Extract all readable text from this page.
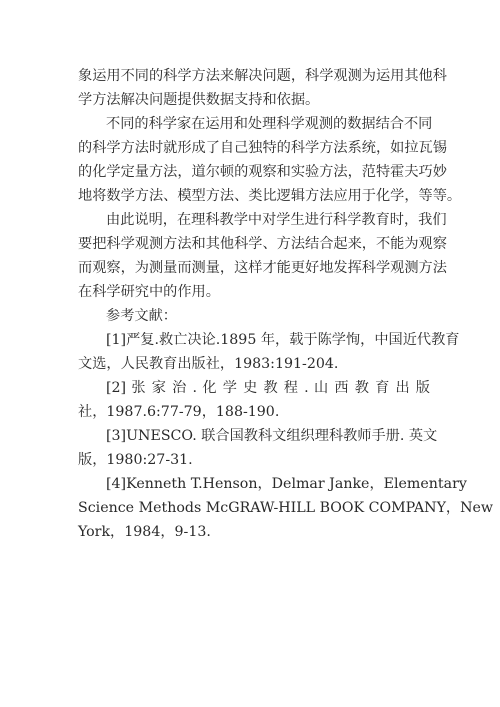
象运用不同的科学方法来解决问题，科学观测为运用其他科
学方法解决问题提供数据支持和依据。
不同的科学家在运用和处理科学观测的数据结合不同
的科学方法时就形成了自己独特的科学方法系统，如拉瓦锡
的化学定量方法，道尔顿的观察和实验方法，范特霍夫巧妙
地将数学方法、模型方法、类比逻辑方法应用于化学，等等。
由此说明，在理科教学中对学生进行科学教育时，我们
要把科学观测方法和其他科学、方法结合起来，不能为观察
而观察，为测量而测量，这样才能更好地发挥科学观测方法
在科学研究中的作用。
参考文献：
[1]严复.救亡决论.1895 年，载于陈学恂，中国近代教育
文选，人民教育出版社，1983:191-204.
[2] 张 家 治 . 化 学 史 教 程 . 山 西 教 育 出 版
社，1987.6:77-79，188-190.
[3]UNESCO. 联合国教科文组织理科教师手册. 英文
版，1980:27-31.
[4]Kenneth T.Henson，Delmar Janke，Elementary
Science Methods McGRAW-HILL BOOK COMPANY，New
York，1984，9-13.
